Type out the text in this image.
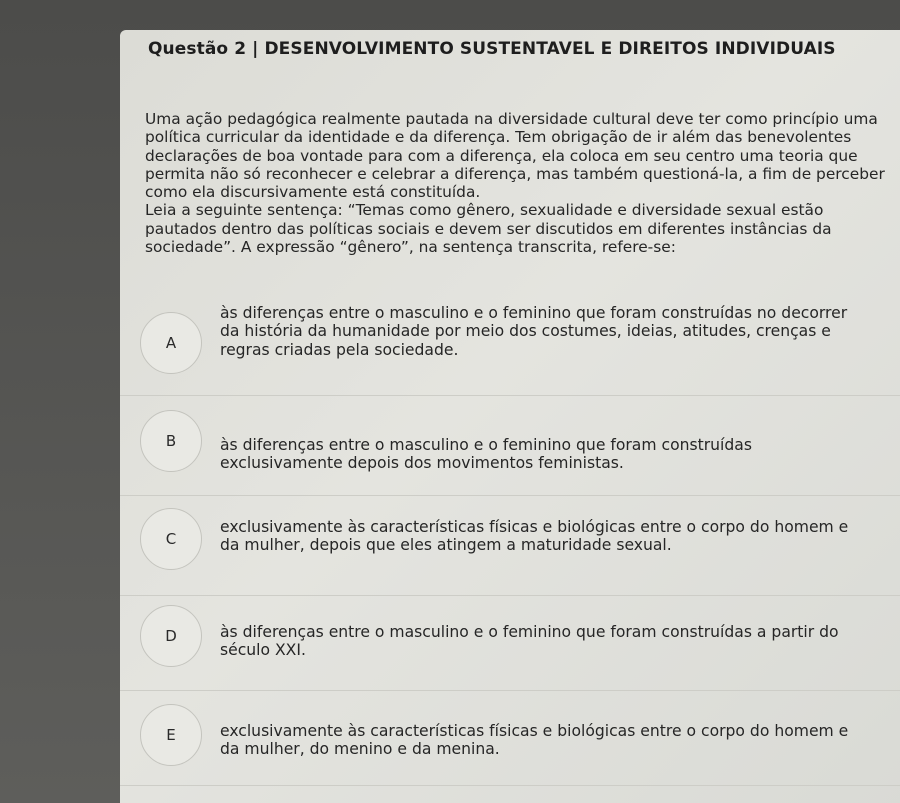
Questão 2 | DESENVOLVIMENTO SUSTENTAVEL E DIREITOS INDIVIDUAIS

Uma ação pedagógica realmente pautada na diversidade cultural deve ter como princípio uma política curricular da identidade e da diferença. Tem obrigação de ir além das benevolentes declarações de boa vontade para com a diferença, ela coloca em seu centro uma teoria que permita não só reconhecer e celebrar a diferença, mas também questioná-la, a fim de perceber como ela discursivamente está constituída.

Leia a seguinte sentença: “Temas como gênero, sexualidade e diversidade sexual estão pautados dentro das políticas sociais e devem ser discutidos em diferentes instâncias da sociedade”. A expressão “gênero”, na sentença transcrita, refere-se:

A
às diferenças entre o masculino e o feminino que foram construídas no decorrer da história da humanidade por meio dos costumes, ideias, atitudes, crenças e regras criadas pela sociedade.
B	às diferenças entre o masculino e o feminino que foram construídas exclusivamente depois dos movimentos feministas.
C
exclusivamente às características físicas e biológicas entre o corpo do homem e da mulher, depois que eles atingem a maturidade sexual.
D	às diferenças entre o masculino e o feminino que foram construídas a partir do século XXI.
E	exclusivamente às características físicas e biológicas entre o corpo do homem e da mulher, do menino e da menina.
